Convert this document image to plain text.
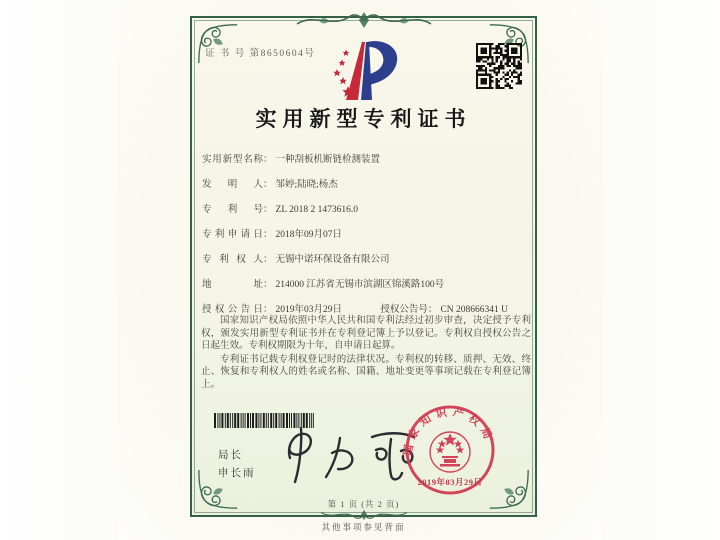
证 书 号 第8650604号
实用新型专利证书
实用新型名称： 一种刮板机断链检测装置
发明人： 邹婷;陆晓;杨杰
专利号： ZL 2018 2 1473616.0
专利申请日： 2018年09月07日
专利权人： 无锡中诺环保设备有限公司
地址： 214000 江苏省无锡市滨湖区锦溪路100号
授权公告日： 2019年03月29日	授权公告号： CN 208666341 U

国家知识产权局依照中华人民共和国专利法经过初步审查，决定授予专利权，颁发实用新型专利证书并在专利登记簿上予以登记。专利权自授权公告之日起生效。专利权期限为十年，自申请日起算。

专利证书记载专利权登记时的法律状况。专利权的转移、质押、无效、终止、恢复和专利权人的姓名或名称、国籍、地址变更等事项记载在专利登记簿上。

局长
申长雨
国家知识产权局
2019年03月29日
第 1 页 (共 2 页)
其他事项参见背面
